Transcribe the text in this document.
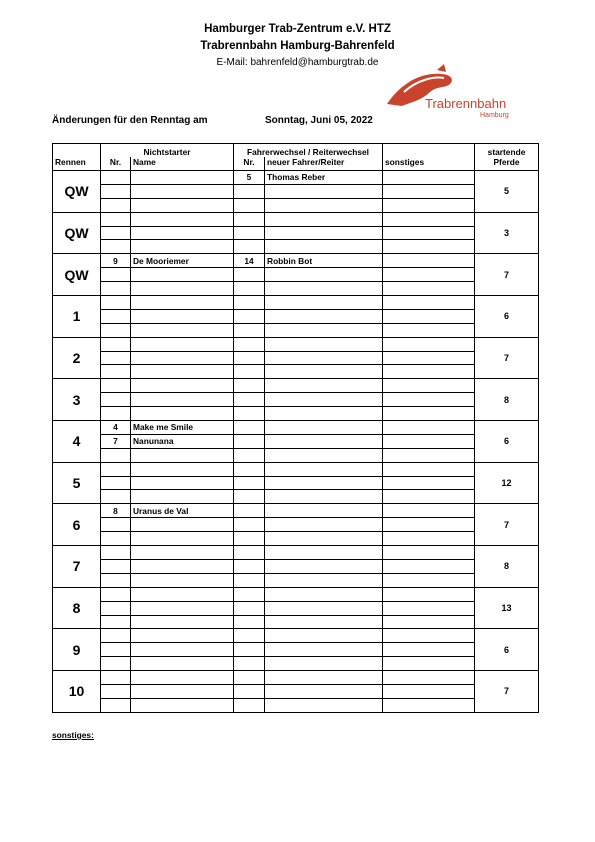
Hamburger Trab-Zentrum e.V. HTZ
Trabrennbahn Hamburg-Bahrenfeld
E-Mail: bahrenfeld@hamburgtrab.de
Trabrennbahn
Hamburg
Änderungen für den Renntag am	Sonntag, Juni 05, 2022
	Nichtstarter		Fahrerwechsel / Reiterwechsel			startende
Rennen	Nr.	Name	Nr.	neuer Fahrer/Reiter	sonstiges	Pferde
QW			5	Thomas Reber		5

QW						3

QW	9	De Mooriemer	14	Robbin Bot		7

1						6

2						7

3						8

4	4	Make me Smile				6
	7	Nanunana				

5						12

6	8	Uranus de Val				7

7						8

8						13

9						6

10						7

sonstiges:
